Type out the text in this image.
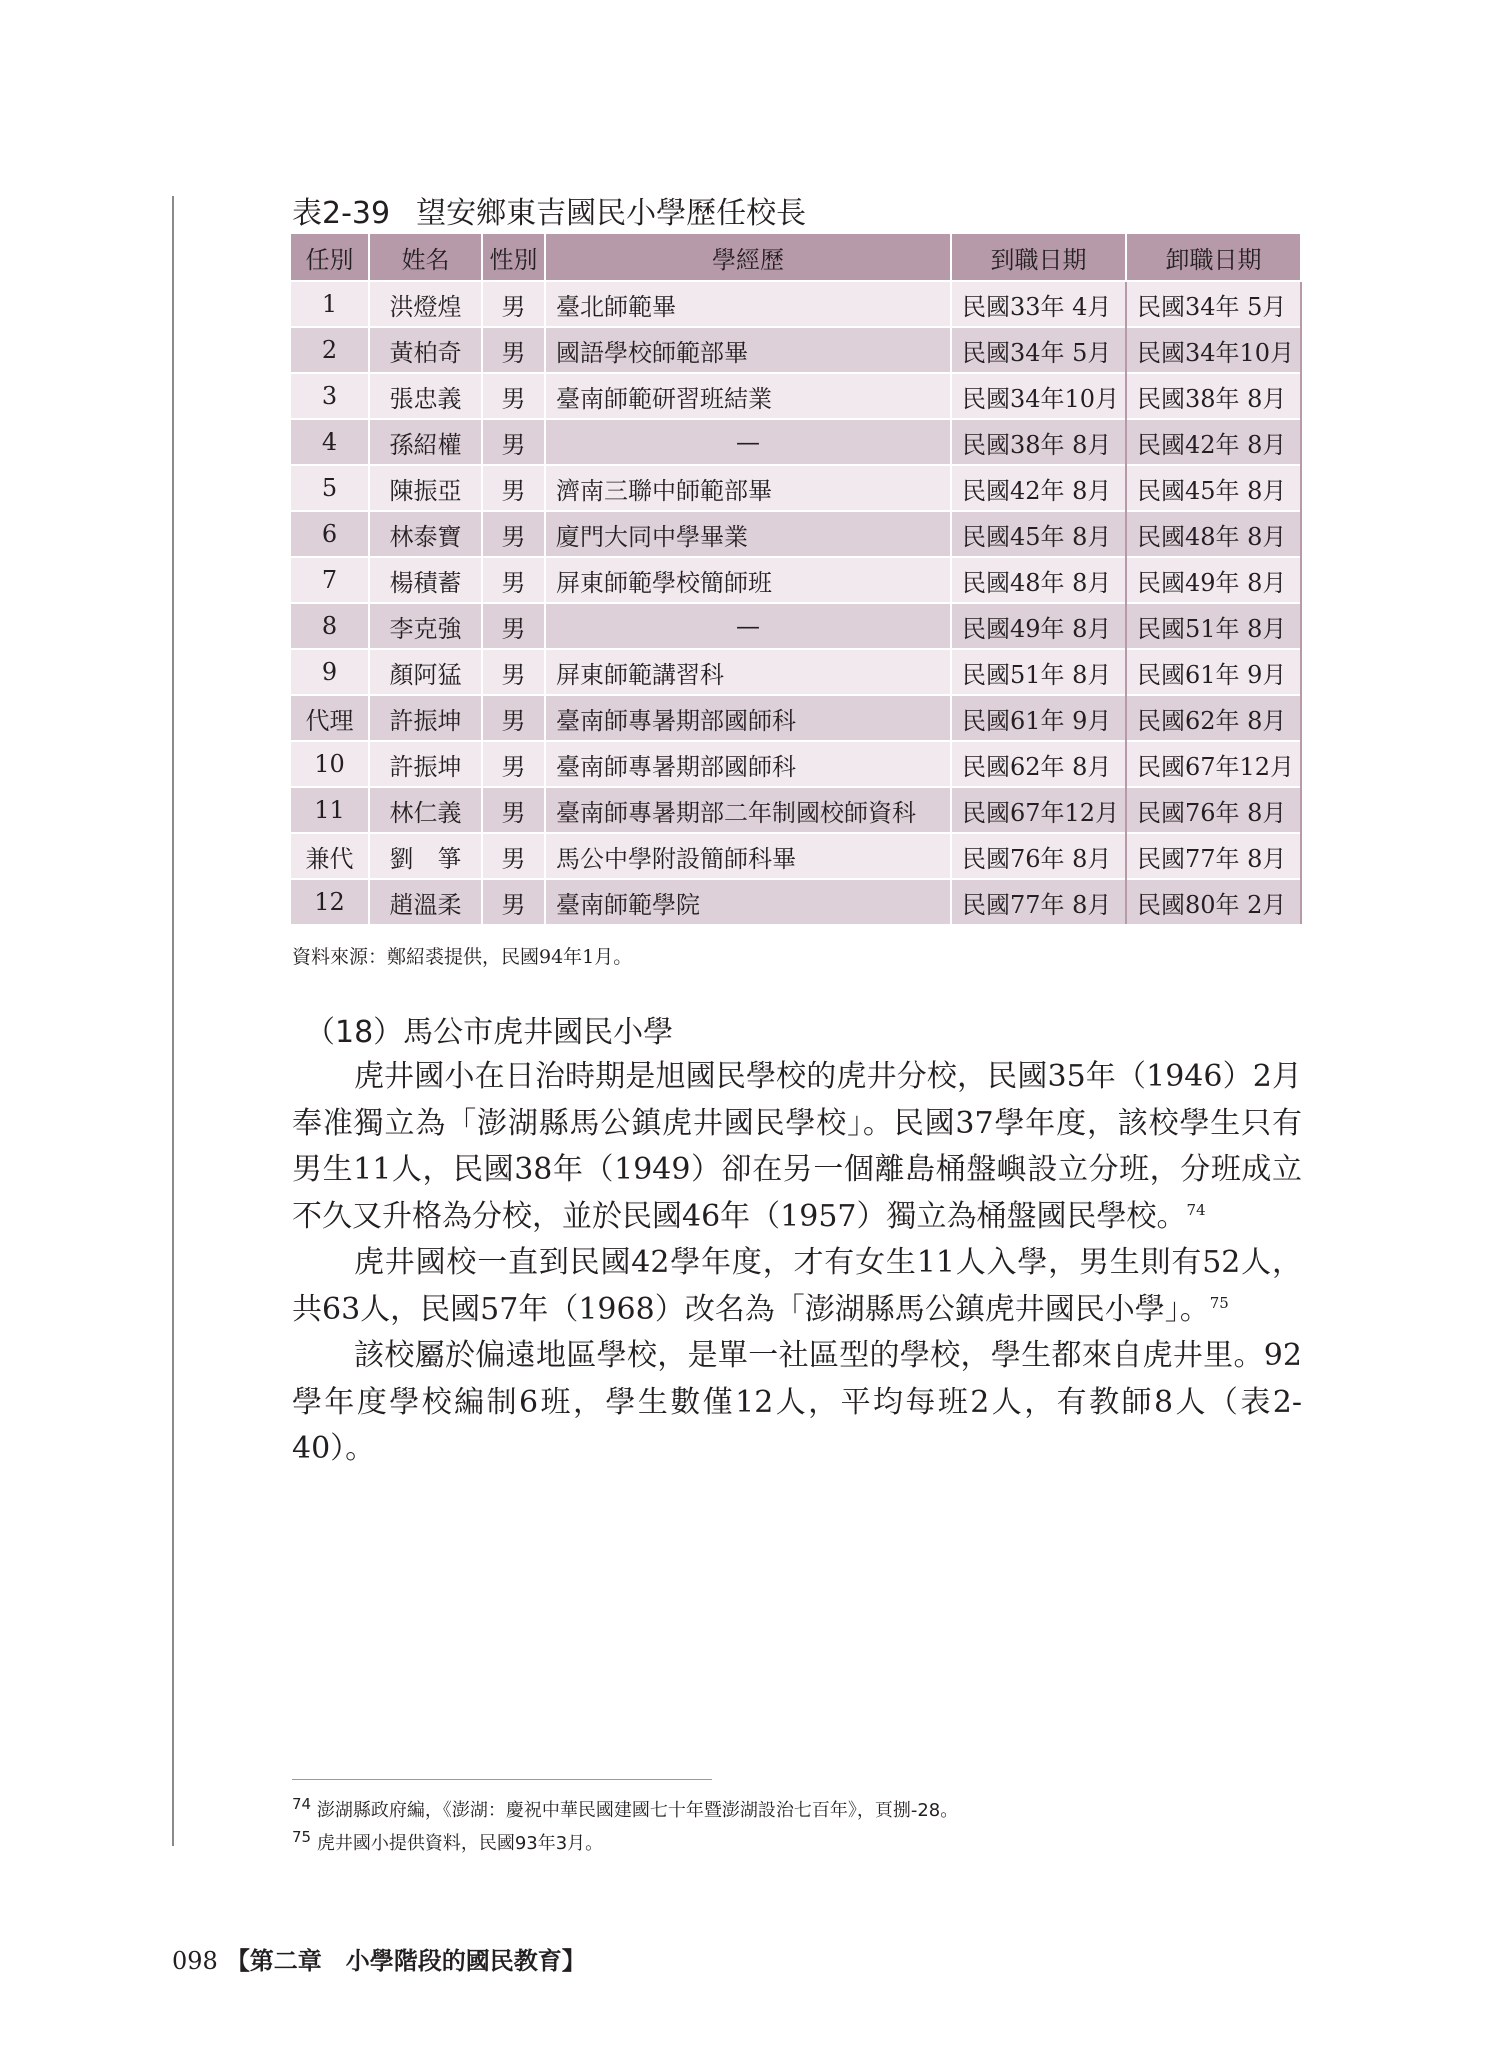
表2-39 望安鄉東吉國民小學歷任校長
任別	姓名	性別	學經歷	到職日期	卸職日期
1	洪燈煌	男	臺北師範畢	民國33年 4月	民國34年 5月
2	黃柏奇	男	國語學校師範部畢	民國34年 5月	民國34年10月
3	張忠義	男	臺南師範研習班結業	民國34年10月	民國38年 8月
4	孫紹權	男	—	民國38年 8月	民國42年 8月
5	陳振亞	男	濟南三聯中師範部畢	民國42年 8月	民國45年 8月
6	林泰寶	男	廈門大同中學畢業	民國45年 8月	民國48年 8月
7	楊積蓄	男	屏東師範學校簡師班	民國48年 8月	民國49年 8月
8	李克強	男	—	民國49年 8月	民國51年 8月
9	顏阿猛	男	屏東師範講習科	民國51年 8月	民國61年 9月
代理	許振坤	男	臺南師專暑期部國師科	民國61年 9月	民國62年 8月
10	許振坤	男	臺南師專暑期部國師科	民國62年 8月	民國67年12月
11	林仁義	男	臺南師專暑期部二年制國校師資科	民國67年12月	民國76年 8月
兼代	劉　箏	男	馬公中學附設簡師科畢	民國76年 8月	民國77年 8月
12	趙溫柔	男	臺南師範學院	民國77年 8月	民國80年 2月
資料來源：鄭紹裘提供，民國94年1月。
（18）馬公市虎井國民小學

虎井國小在日治時期是旭國民學校的虎井分校，民國35年（1946）2月奉准獨立為「澎湖縣馬公鎮虎井國民學校」。民國37學年度，該校學生只有男生11人，民國38年（1949）卻在另一個離島桶盤嶼設立分班，分班成立不久又升格為分校，並於民國46年（1957）獨立為桶盤國民學校。$^{74}$

虎井國校一直到民國42學年度，才有女生11人入學，男生則有52人，共63人，民國57年（1968）改名為「澎湖縣馬公鎮虎井國民小學」。$^{75}$

該校屬於偏遠地區學校，是單一社區型的學校，學生都來自虎井里。92學年度學校編制6班，學生數僅12人，平均每班2人，有教師8人（表2-40）。

$^{74}$ 澎湖縣政府編，《澎湖：慶祝中華民國建國七十年暨澎湖設治七百年》，頁捌-28。
$^{75}$ 虎井國小提供資料，民國93年3月。
098 【第二章　小學階段的國民教育】
